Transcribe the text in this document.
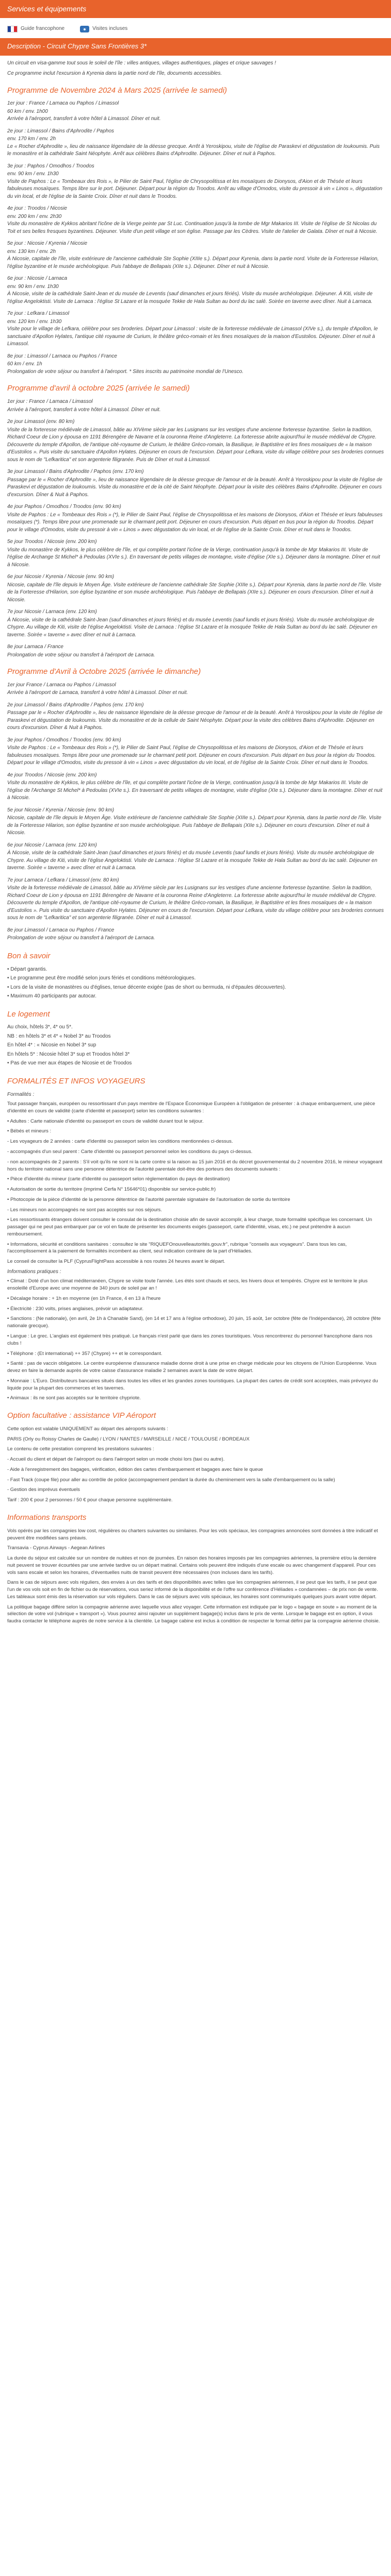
Services et équipements
Guide francophone	Visites incluses
Description - Circuit Chypre Sans Frontières 3*

Un circuit en visa-gamme tout sous le soleil de l'île : villes antiques, villages authentiques, plages et crique sauvages !

Ce programme inclut l'excursion à Kyrenia dans la partie nord de l'île, documents accessibles.

Programme de Novembre 2024 à Mars 2025 (arrivée le samedi)
1er jour : France / Larnaca ou Paphos / Limassol
60 km / env. 1h00
Arrivée à l'aéroport, transfert à votre hôtel à Limassol. Dîner et nuit.
2e jour : Limassol / Bains d'Aphrodite / Paphos
env. 170 km / env. 2h
Le « Rocher d'Aphrodite », lieu de naissance légendaire de la déesse grecque. Arrêt à Yeroskipou, visite de l'église de Paraskevi et dégustation de loukoumis. Puis le monastère et la cathédrale Saint Néophyte. Arrêt aux célèbres Bains d'Aphrodite. Déjeuner. Dîner et nuit à Paphos.
3e jour : Paphos / Omodhos / Troodos
env. 90 km / env. 1h30
Visite de Paphos : Le « Tombeaux des Rois », le Pilier de Saint Paul, l'église de Chrysopolitissa et les mosaïques de Dionysos, d'Aion et de Thésée et leurs fabuleuses mosaïques. Temps libre sur le port. Déjeuner. Départ pour la région du Troodos. Arrêt au village d'Omodos, visite du pressoir à vin « Linos », dégustation du vin local, et de l'église de la Sainte Croix. Dîner et nuit dans le Troodos.
4e jour : Troodos / Nicosie
env. 200 km / env. 2h30
Visite du monastère de Kykkos abritant l'icône de la Vierge peinte par St Luc. Continuation jusqu'à la tombe de Mgr Makarios III. Visite de l'église de St Nicolas du Toit et ses belles fresques byzantines. Déjeuner. Visite d'un petit village et son église. Passage par les Cèdres. Visite de l'atelier de Galata. Dîner et nuit à Nicosie.
5e jour : Nicosie / Kyrenia / Nicosie
env. 130 km / env. 2h
À Nicosie, capitale de l'île, visite extérieure de l'ancienne cathédrale Ste Sophie (XIIIe s.). Départ pour Kyrenia, dans la partie nord. Visite de la Forteresse Hilarion, l'église byzantine et le musée archéologique. Puis l'abbaye de Bellapais (XIIe s.). Déjeuner. Dîner et nuit à Nicosie.
6e jour : Nicosie / Larnaca
env. 90 km / env. 1h30
À Nicosie, visite de la cathédrale Saint-Jean et du musée de Leventis (sauf dimanches et jours fériés). Visite du musée archéologique. Déjeuner. À Kiti, visite de l'église Angeloktisti. Visite de Larnaca : l'église St Lazare et la mosquée Tekke de Hala Sultan au bord du lac salé. Soirée en taverne avec dîner. Nuit à Larnaca.
7e jour : Lefkara / Limassol
env. 120 km / env. 1h30
Visite pour le village de Lefkara, célèbre pour ses broderies. Départ pour Limassol : visite de la forteresse médiévale de Limassol (XIVe s.), du temple d'Apollon, le sanctuaire d'Apollon Hylates, l'antique cité royaume de Curium, le théâtre gréco-romain et les fines mosaïques de la maison d'Eustolios. Déjeuner. Dîner et nuit à Limassol.
8e jour : Limassol / Larnaca ou Paphos / France
60 km / env. 1h
Prolongation de votre séjour ou transfert à l'aéroport. * Sites inscrits au patrimoine mondial de l'Unesco.
Programme d'avril à octobre 2025 (arrivée le samedi)
1er jour : France / Larnaca / Limassol
Arrivée à l'aéroport, transfert à votre hôtel à Limassol. Dîner et nuit.
2e jour Limassol (env. 80 km)
Visite de la forteresse médiévale de Limassol, bâtie au XIVème siècle par les Lusignans sur les vestiges d'une ancienne forteresse byzantine. Selon la tradition, Richard Coeur de Lion y épousa en 1191 Bérengère de Navarre et la couronna Reine d'Angleterre. La forteresse abrite aujourd'hui le musée médiéval de Chypre. Découverte du temple d'Apollon, de l'antique cité-royaume de Curium, le théâtre Gréco-romain, la Basilique, le Baptistère et les fines mosaïques de « la maison d'Eustolios ». Puis visite du sanctuaire d'Apollon Hylates. Déjeuner en cours de l'excursion. Départ pour Lefkara, visite du village célèbre pour ses broderies connues sous le nom de "Lefkaritica" et son argenterie filigranée. Puis de Dîner et nuit à Limassol.
3e jour Limassol / Bains d'Aphrodite / Paphos (env. 170 km)
Passage par le « Rocher d'Aphrodite », lieu de naissance légendaire de la déesse grecque de l'amour et de la beauté. Arrêt à Yeroskipou pour la visite de l'église de Paraskevi et dégustation de loukoumis. Visite du monastère et de la cité de Saint Néophyte. Départ pour la visite des célèbres Bains d'Aphrodite. Déjeuner en cours d'excursion. Dîner & Nuit à Paphos.
4e jour Paphos / Omodhos / Troodos (env. 90 km)
Visite de Paphos : Le « Tombeaux des Rois » (*), le Pilier de Saint Paul, l'église de Chrysopolitissa et les maisons de Dionysos, d'Aion et Thésée et leurs fabuleuses mosaïques (*). Temps libre pour une promenade sur le charmant petit port. Déjeuner en cours d'excursion. Puis départ en bus pour la région du Troodos. Départ pour le village d'Omodos, visite du pressoir à vin « Linos » avec dégustation du vin local, et de l'église de la Sainte Croix. Dîner et nuit dans le Troodos.
5e jour Troodos / Nicosie (env. 200 km)
Visite du monastère de Kykkos, le plus célèbre de l'île, et qui complète portant l'icône de la Vierge, continuation jusqu'à la tombe de Mgr Makarios III. Visite de l'église de Archange St Michel* à Pedoulas (XVIe s.). En traversant de petits villages de montagne, visite d'église (XIe s.). Déjeuner dans la montagne. Dîner et nuit à Nicosie.
6e jour Nicosie / Kyrenia / Nicosie (env. 90 km)
Nicosie, capitale de l'île depuis le Moyen Âge. Visite extérieure de l'ancienne cathédrale Ste Sophie (XIIIe s.). Départ pour Kyrenia, dans la partie nord de l'île. Visite de la Forteresse d'Hilarion, son église byzantine et son musée archéologique. Puis l'abbaye de Bellapais (XIIe s.). Déjeuner en cours d'excursion. Dîner et nuit à Nicosie.
7e jour Nicosie / Larnaca (env. 120 km)
À Nicosie, visite de la cathédrale Saint-Jean (sauf dimanches et jours fériés) et du musée Leventis (sauf lundis et jours fériés). Visite du musée archéologique de Chypre. Au village de Kiti, visite de l'église Angeloktisti. Visite de Larnaca : l'église St Lazare et la mosquée Tekke de Hala Sultan au bord du lac salé. Déjeuner en taverne. Soirée « taverne » avec dîner et nuit à Larnaca.
8e jour Larnaca / France
Prolongation de votre séjour ou transfert à l'aéroport de Larnaca.
Programme d'Avril à Octobre 2025 (arrivée le dimanche)
1er jour France / Larnaca ou Paphos / Limassol
Arrivée à l'aéroport de Larnaca, transfert à votre hôtel à Limassol. Dîner et nuit.
2e jour Limassol / Bains d'Aphrodite / Paphos (env. 170 km)
Passage par le « Rocher d'Aphrodite », lieu de naissance légendaire de la déesse grecque de l'amour et de la beauté. Arrêt à Yeroskipou pour la visite de l'église de Paraskevi et dégustation de loukoumis. Visite du monastère et de la cellule de Saint Néophyte. Départ pour la visite des célèbres Bains d'Aphrodite. Déjeuner en cours d'excursion. Dîner & Nuit à Paphos.
3e jour Paphos / Omodhos / Troodos (env. 90 km)
Visite de Paphos : Le « Tombeaux des Rois » (*), le Pilier de Saint Paul, l'église de Chrysopolitissa et les maisons de Dionysos, d'Aion et de Thésée et leurs fabuleuses mosaïques. Temps libre pour une promenade sur le charmant petit port. Déjeuner en cours d'excursion. Puis départ en bus pour la région du Troodos. Départ pour le village d'Omodos, visite du pressoir à vin « Linos » avec dégustation du vin local, et de l'église de la Sainte Croix. Dîner et nuit dans le Troodos.
4e jour Troodos / Nicosie (env. 200 km)
Visite du monastère de Kykkos, le plus célèbre de l'île, et qui complète portant l'icône de la Vierge, continuation jusqu'à la tombe de Mgr Makarios III. Visite de l'église de l'Archange St Michel* à Pedoulas (XVIe s.). En traversant de petits villages de montagne, visite d'église (XIe s.). Déjeuner dans la montagne. Dîner et nuit à Nicosie.
5e jour Nicosie / Kyrenia / Nicosie (env. 90 km)
Nicosie, capitale de l'île depuis le Moyen Âge. Visite extérieure de l'ancienne cathédrale Ste Sophie (XIIIe s.). Départ pour Kyrenia, dans la partie nord de l'île. Visite de la Forteresse Hilarion, son église byzantine et son musée archéologique. Puis l'abbaye de Bellapais (XIIe s.). Déjeuner en cours d'excursion. Dîner et nuit à Nicosie.
6e jour Nicosie / Larnaca (env. 120 km)
À Nicosie, visite de la cathédrale Saint-Jean (sauf dimanches et jours fériés) et du musée Leventis (sauf lundis et jours fériés). Visite du musée archéologique de Chypre. Au village de Kiti, visite de l'église Angeloktisti. Visite de Larnaca : l'église St Lazare et la mosquée Tekke de Hala Sultan au bord du lac salé. Déjeuner en taverne. Soirée « taverne » avec dîner et nuit à Larnaca.
7e jour Larnaca / Lefkara / Limassol (env. 80 km)
Visite de la forteresse médiévale de Limassol, bâtie au XIVème siècle par les Lusignans sur les vestiges d'une ancienne forteresse byzantine. Selon la tradition, Richard Coeur de Lion y épousa en 1191 Bérengère de Navarre et la couronna Reine d'Angleterre. La forteresse abrite aujourd'hui le musée médiéval de Chypre. Découverte du temple d'Apollon, de l'antique cité-royaume de Curium, le théâtre Gréco-romain, la Basilique, le Baptistère et les fines mosaïques de « la maison d'Eustolios ». Puis visite du sanctuaire d'Apollon Hylates. Déjeuner en cours de l'excursion. Départ pour Lefkara, visite du village célèbre pour ses broderies connues sous le nom de "Lefkaritica" et son argenterie filigranée. Dîner et nuit à Limassol.
8e jour Limassol / Larnaca ou Paphos / France
Prolongation de votre séjour ou transfert à l'aéroport de Larnaca.
Bon à savoir
• Départ garantis.
• Le programme peut être modifié selon jours fériés et conditions météorologiques.
• Lors de la visite de monastères ou d'églises, tenue décente exigée (pas de short ou bermuda, ni d'épaules découvertes).
• Maximum 40 participants par autocar.
Le logement
Au choix, hôtels 3*, 4* ou 5*.
NB : en hôtels 3* et 4* « Nobel 3* au Troodos
En hôtel 4* : « Nicosie en Nobel 3* sup
En hôtels 5* : Nicosie hôtel 3* sup et Troodos hôtel 3*
• Pas de vue mer aux étapes de Nicosie et de Troodos
FORMALITÉS ET INFOS VOYAGEURS

Formalités :

Tout passager français, européen ou ressortissant d'un pays membre de l'Espace Économique Européen à l'obligation de présenter : à chaque embarquement, une pièce d'identité en cours de validité (carte d'identité et passeport) selon les conditions suivantes :

• Adultes : Carte nationale d'identité ou passeport en cours de validité durant tout le séjour.

• Bébés et mineurs :

- Les voyageurs de 2 années : carte d'identité ou passeport selon les conditions mentionnées ci-dessus.

- accompagnés d'un seul parent : Carte d'identité ou passeport personnel selon les conditions du pays ci-dessus.

- non accompagnés de 2 parents : S'il voit qu'ils ne sont ni la carte contre si la raison au 15 juin 2016 et du décret gouvernemental du 2 novembre 2016, le mineur voyageant hors du territoire national sans une personne détentrice de l'autorité parentale doit-être des porteurs des documents suivants :

• Pièce d'identité du mineur (carte d'identité ou passeport selon réglementation du pays de destination)

• Autorisation de sortie du territoire (imprimé Cerfa N° 15646*01) disponible sur service-public.fr)

• Photocopie de la pièce d'identité de la personne détentrice de l'autorité parentale signataire de l'autorisation de sortie du territoire

- Les mineurs non accompagnés ne sont pas acceptés sur nos séjours.

• Les ressortissants étrangers doivent consulter le consulat de la destination choisie afin de savoir accomplir, à leur charge, toute formalité spécifique les concernant. Un passager qui ne peut pas embarquer par ce vol en faute de présenter les documents exigés (passeport, carte d'identité, visas, etc.) ne peut prétendre à aucun remboursement.

• Informations, sécurité et conditions sanitaires : consultez le site "RIQUEFOnouvelleautorités.gouv.fr", rubrique "conseils aux voyageurs". Dans tous les cas, l'accomplissement à la paiement de formalités incombent au client, seul indication contraire de la part d'Héliades.

Le conseil de consulter la PLF (CyprusFlightPass accessible à nos routes 24 heures avant le départ.

Informations pratiques :

• Climat : Doté d'un bon climat méditerranéen, Chypre se visite toute l'année. Les étés sont chauds et secs, les hivers doux et tempérés. Chypre est le territoire le plus ensoleillé d'Europe avec une moyenne de 340 jours de soleil par an !

• Décalage horaire : + 1h en moyenne (en 1h France, 4 en 13 à l'heure

• Électricité : 230 volts, prises anglaises, prévoir un adaptateur.

• Sanctions : (Ne nationale), (en avril, 2e 1h à Chanable Sand), (en 14 et 17 ans à l'église orthodoxe), 20 juin, 15 août, 1er octobre (fête de l'Indépendance), 28 octobre (fête nationale grecque).

• Langue : Le grec. L'anglais est également très pratiqué. Le français n'est parlé que dans les zones touristiques. Vous rencontrerez du personnel francophone dans nos clubs !

• Téléphone : (Et international) ++ 357 (Chypre) ++ et le correspondant.

• Santé : pas de vaccin obligatoire. Le centre européenne d'assurance maladie donne droit à une prise en charge médicale pour les citoyens de l'Union Européenne. Vous devez en faire la demande auprès de votre caisse d'assurance maladie 2 semaines avant la date de votre départ.

• Monnaie : L'Euro. Distributeurs bancaires situés dans toutes les villes et les grandes zones touristiques. La plupart des cartes de crédit sont acceptées, mais prévoyez du liquide pour la plupart des commerces et les tavernes.

• Animaux : ils ne sont pas acceptés sur le territoire chypriote.

Option facultative : assistance VIP Aéroport

Cette option est valable UNIQUEMENT au départ des aéroports suivants :

PARIS (Orly ou Roissy Charles de Gaulle) / LYON / NANTES / MARSEILLE / NICE / TOULOUSE / BORDEAUX

Le contenu de cette prestation comprend les prestations suivantes :

- Accueil du client et départ de l'aéroport ou dans l'aéroport selon un mode choisi lors (taxi ou autre).

- Aide à l'enregistrement des bagages, vérification, édition des cartes d'embarquement et bagages avec faire le queue

- Fast Track (coupe file) pour aller au contrôle de police (accompagnement pendant la durée du cheminement vers la salle d'embarquement ou la salle)

- Gestion des imprévus éventuels

Tarif : 200 € pour 2 personnes / 50 € pour chaque personne supplémentaire.

Informations transports

Vols opérés par les compagnies low cost, régulières ou charters suivantes ou similaires. Pour les vols spéciaux, les compagnies annoncées sont données à titre indicatif et peuvent être modifiées sans préavis.

Transavia - Cyprus Airways - Aegean Airlines

La durée du séjour est calculée sur un nombre de nuitées et non de journées. En raison des horaires imposés par les compagnies aériennes, la première et/ou la dernière nuit peuvent se trouver écourtées par une arrivée tardive ou un départ matinal. Certains vols peuvent être indiqués d'une escale ou avec changement d'appareil. Pour ces vols sans escale et selon les horaires, d'éventuelles nuits de transit peuvent être nécessaires (non incluses dans les tarifs).

Dans le cas de séjours avec vols réguliers, des envies à un des tarifs et des disponibilités avec telles que les compagnies aériennes, il se peut que les tarifs, il se peut que l'un de vos vols soit en fin de fichier ou de réservations, vous seriez informé de la disponibilité et de l'offre sur conférence d'Héliades » condamnées – de prix non de vente. Les tableaux sont émis des la réservation sur vols réguliers. Dans le cas de séjours avec vols spéciaux, les horaires sont communiqués quelques jours avant votre départ.

La politique bagage diffère selon la compagnie aérienne avec laquelle vous allez voyager. Cette information est indiquée par le logo « bagage en soute » au moment de la sélection de votre vol (rubrique « transport »). Vous pourrez ainsi rajouter un supplément bagage(s) inclus dans le prix de vente. Lorsque le bagage est en option, il vous faudra contacter le téléphone auprès de notre service à la clientèle. Le bagage cabine est inclus à condition de respecter le format défini par la compagnie aérienne choisie.
